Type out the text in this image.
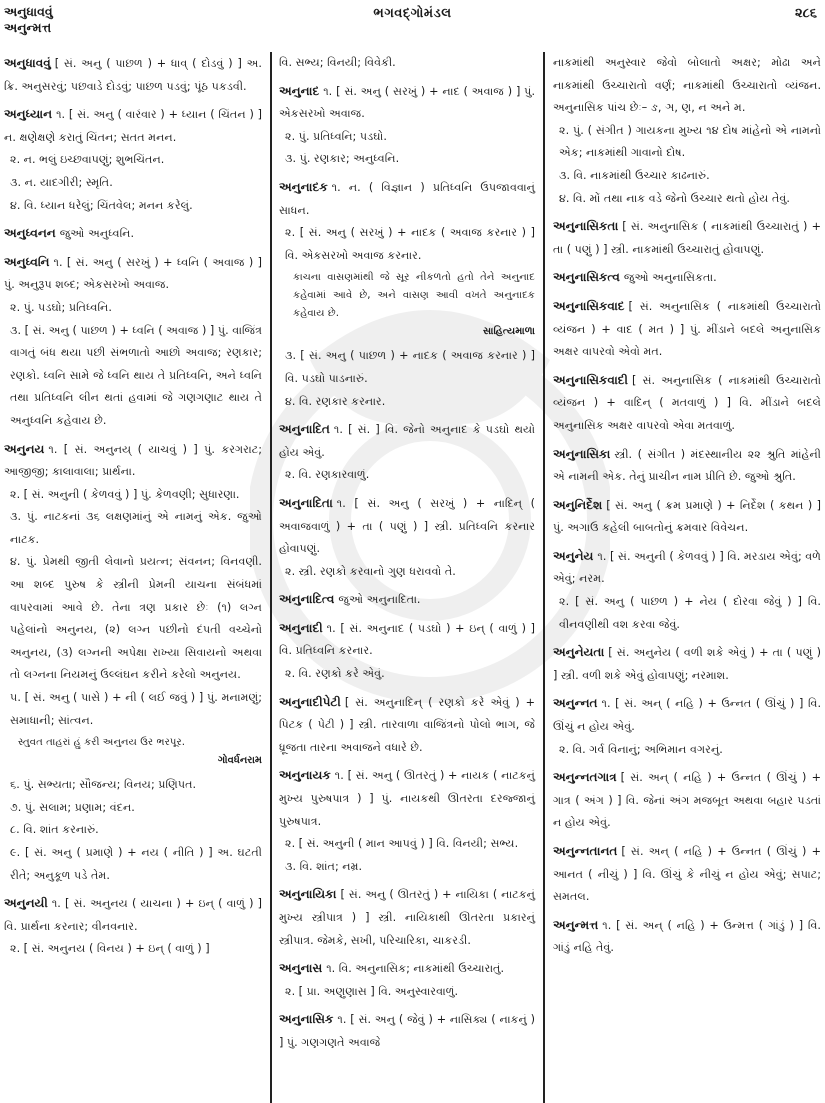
અનુધાવવું
અનુન્મત્ત
ભગવદ્ગોમંડલ	૨૮૬
અનુધાવવું [ સં. અનુ ( પાછળ ) + ધાવ્ ( દોડવું ) ] અ. ક્રિ. અનુસરવું; પછવાડે દોડવું; પાછળ પડવું; પૂંઠ પકડવી.
અનુધ્યાન ૧. [ સં. અનુ ( વારંવાર ) + ધ્યાન ( ચિંતન ) ] ન. ક્ષણેક્ષણે કરાતું ચિંતન; સતત મનન.
૨. ન. ભલું ઇચ્છવાપણું; શુભચિંતન.
૩. ન. યાદગીરી; સ્મૃતિ.
૪. વિ. ધ્યાન ધરેલું; ચિંતવેલ; મનન કરેલું.
અનુધ્વનન જુઓ અનુધ્વનિ.
અનુધ્વનિ ૧. [ સં. અનુ ( સરખું ) + ધ્વનિ ( અવાજ ) ] પું. અનુરૂપ શબ્દ; એકસરખો અવાજ.
૨. પું. પડઘો; પ્રતિધ્વનિ.
૩. [ સં. અનુ ( પાછળ ) + ધ્વનિ ( અવાજ ) ] પું. વાજિંત્ર વાગતું બંધ થયા પછી સંભળાતો આછો અવાજ; રણકાર; રણકો. ધ્વનિ સામે જે ધ્વનિ થાય તે પ્રતિધ્વનિ, અને ધ્વનિ તથા પ્રતિધ્વનિ લીન થતાં હવામાં જે ગણગણાટ થાય તે અનુધ્વનિ કહેવાય છે.
અનુનય ૧. [ સં. અનુનય્ ( યાચવું ) ] પું. કરગરાટ; આજીજી; કાલાવાલા; પ્રાર્થના.
૨. [ સં. અનુની ( કેળવવું ) ] પું. કેળવણી; સુધારણા.
૩. પું. નાટકનાં ૩૬ લક્ષણમાંનું એ નામનું એક. જુઓ નાટક.
૪. પું. પ્રેમથી જીતી લેવાનો પ્રયત્ન; સંવનન; વિનવણી. આ શબ્દ પુરુષ કે સ્ત્રીની પ્રેમની યાચના સંબંધમાં વાપરવામાં આવે છે. તેના ત્રણ પ્રકાર છેઃ (૧) લગ્ન પહેલાંનો અનુનય, (૨) લગ્ન પછીનો દંપતી વચ્ચેનો અનુનય, (૩) લગ્નની અપેક્ષા રાખ્યા સિવાયનો અથવા તો લગ્નના નિયમનું ઉલ્લંઘન કરીને કરેલો અનુનય.
૫. [ સં. અનુ ( પાસે ) + ની ( લઈ જવું ) ] પું. મનામણું; સમાધાની; સાંત્વન.
સ્તુવત તાહરાં હું કરી અનુનય ઉર ભરપૂર.
ગોવર્ધનરામ
૬. પું. સભ્યતા; સૌજન્ય; વિનય; પ્રણિપત.
૭. પું. સલામ; પ્રણામ; વંદન.
૮. વિ. શાંત કરનારું.
૯. [ સં. અનુ ( પ્રમાણે ) + નય ( નીતિ ) ] અ. ઘટતી રીતે; અનુકૂળ પડે તેમ.
અનુનયી ૧. [ સં. અનુનય ( યાચના ) + ઇન્ ( વાળું ) ] વિ. પ્રાર્થના કરનાર; વીનવનાર.
૨. [ સં. અનુનય ( વિનય ) + ઇન્ ( વાળું ) ]
વિ. સભ્ય; વિનયી; વિવેકી.
અનુનાદ ૧. [ સં. અનુ ( સરખું ) + નાદ ( અવાજ ) ] પું. એકસરખો અવાજ.
૨. પું. પ્રતિધ્વનિ; પડઘો.
૩. પું. રણકાર; અનુધ્વનિ.
અનુનાદક ૧. ન. ( વિજ્ઞાન ) પ્રતિધ્વનિ ઉપજાવવાનું સાધન.
૨. [ સં. અનુ ( સરખું ) + નાદક ( અવાજ કરનાર ) ] વિ. એકસરખો અવાજ કરનાર.
કાચના વાસણમાંથી જે સૂર નીકળતો હતો તેને અનુનાદ કહેવામાં આવે છે, અને વાસણ આવી વખતે અનુનાદક કહેવાય છે.
સાહિત્યમાળા
૩. [ સં. અનુ ( પાછળ ) + નાદક ( અવાજ કરનાર ) ] વિ. પડઘો પાડનારું.
૪. વિ. રણકાર કરનાર.
અનુનાદિત ૧. [ સં. ] વિ. જેનો અનુનાદ કે પડઘો થયો હોય એવું.
૨. વિ. રણકારવાળું.
અનુનાદિતા ૧. [ સં. અનુ ( સરખું ) + નાદિન્ ( અવાજવાળું ) + તા ( પણું ) ] સ્ત્રી. પ્રતિધ્વનિ કરનાર હોવાપણું.
૨. સ્ત્રી. રણકો કરવાનો ગુણ ધરાવવો તે.
અનુનાદિત્વ જુઓ અનુનાદિતા.
અનુનાદી ૧. [ સં. અનુનાદ ( પડઘો ) + ઇન્ ( વાળું ) ] વિ. પ્રતિધ્વનિ કરનાર.
૨. વિ. રણકો કરે એવું.
અનુનાદીપેટી [ સં. અનુનાદિન્ ( રણકો કરે એવું ) + પિટક ( પેટી ) ] સ્ત્રી. તારવાળા વાજિંત્રનો પોલો ભાગ, જે ધ્રૂજતા તારના અવાજને વધારે છે.
અનુનાયક ૧. [ સં. અનુ ( ઊતરતું ) + નાયક ( નાટકનું મુખ્ય પુરુષપાત્ર ) ] પું. નાયકથી ઊતરતા દરજ્જાનું પુરુષપાત્ર.
૨. [ સં. અનુની ( માન આપવું ) ] વિ. વિનયી; સભ્ય.
૩. વિ. શાંત; નમ્ર.
અનુનાયિકા [ સં. અનુ ( ઊતરતું ) + નાયિકા ( નાટકનું મુખ્ય સ્ત્રીપાત્ર ) ] સ્ત્રી. નાયિકાથી ઊતરતા પ્રકારનું સ્ત્રીપાત્ર. જેમકે, સખી, પરિચારિકા, ચાકરડી.
અનુનાસ ૧. વિ. અનુનાસિક; નાકમાંથી ઉચ્ચારાતું.
૨. [ પ્રા. અણુણાસ ] વિ. અનુસ્વારવાળું.
અનુનાસિક ૧. [ સં. અનુ ( જેવું ) + નાસિક્ય ( નાકનું ) ] પું. ગણગણતે અવાજે
નાકમાંથી અનુસ્વાર જેવો બોલાતો અક્ષર; મોઢા અને નાકમાંથી ઉચ્ચારાતો વર્ણ; નાકમાંથી ઉચ્ચારાતો વ્યંજન. અનુનાસિક પાંચ છેઃ– ઙ, ઞ, ણ, ન અને મ.
૨. પું. ( સંગીત ) ગાયકના મુખ્ય ૧૪ દોષ માંહેનો એ નામનો એક; નાકમાંથી ગાવાનો દોષ.
૩. વિ. નાકમાંથી ઉચ્ચાર કાઢનારું.
૪. વિ. મોં તથા નાક વડે જેનો ઉચ્ચાર થતો હોય તેવું.
અનુનાસિકતા [ સં. અનુનાસિક ( નાકમાંથી ઉચ્ચારાતું ) + તા ( પણું ) ] સ્ત્રી. નાકમાંથી ઉચ્ચારાતું હોવાપણું.
અનુનાસિકત્વ જુઓ અનુનાસિકતા.
અનુનાસિકવાદ [ સં. અનુનાસિક ( નાકમાંથી ઉચ્ચારાતો વ્યંજન ) + વાદ ( મત ) ] પું. મીંડાને બદલે અનુનાસિક અક્ષર વાપરવો એવો મત.
અનુનાસિકવાદી [ સં. અનુનાસિક ( નાકમાંથી ઉચ્ચારાતો વ્યંજન ) + વાદિન્ ( મતવાળું ) ] વિ. મીંડાને બદલે અનુનાસિક અક્ષર વાપરવો એવા મતવાળું.
અનુનાસિકા સ્ત્રી. ( સંગીત ) મંદસ્થાનીય ૨૨ શ્રુતિ માંહેની એ નામની એક. તેનું પ્રાચીન નામ પ્રીતિ છે. જુઓ શ્રુતિ.
અનુનિર્દેશ [ સં. અનુ ( ક્રમ પ્રમાણે ) + નિર્દેશ ( કથન ) ] પું. અગાઉ કહેલી બાબતોનું ક્રમવાર વિવેચન.
અનુનેય ૧. [ સં. અનુની ( કેળવવું ) ] વિ. મરડાય એવું; વળે એવું; નરમ.
૨. [ સં. અનુ ( પાછળ ) + નેય ( દોરવા જેવું ) ] વિ. વીનવણીથી વશ કરવા જેવું.
અનુનેયતા [ સં. અનુનેય ( વળી શકે એવું ) + તા ( પણું ) ] સ્ત્રી. વળી શકે એવું હોવાપણું; નરમાશ.
અનુન્નત ૧. [ સં. અન્ ( નહિ ) + ઉન્નત ( ઊંચું ) ] વિ. ઊંચું ન હોય એવું.
૨. વિ. ગર્વ વિનાનું; અભિમાન વગરનું.
અનુન્નતગાત્ર [ સં. અન્ ( નહિ ) + ઉન્નત ( ઊંચું ) + ગાત્ર ( અંગ ) ] વિ. જેનાં અંગ મજબૂત અથવા બહાર પડતાં ન હોય એવું.
અનુન્નતાનત [ સં. અન્ ( નહિ ) + ઉન્નત ( ઊંચું ) + આનત ( નીચું ) ] વિ. ઊંચું કે નીચું ન હોય એવું; સપાટ; સમતલ.
અનુન્મત્ત ૧. [ સં. અન્ ( નહિ ) + ઉન્મત્ત ( ગાંડું ) ] વિ. ગાંડું નહિ તેવું.
